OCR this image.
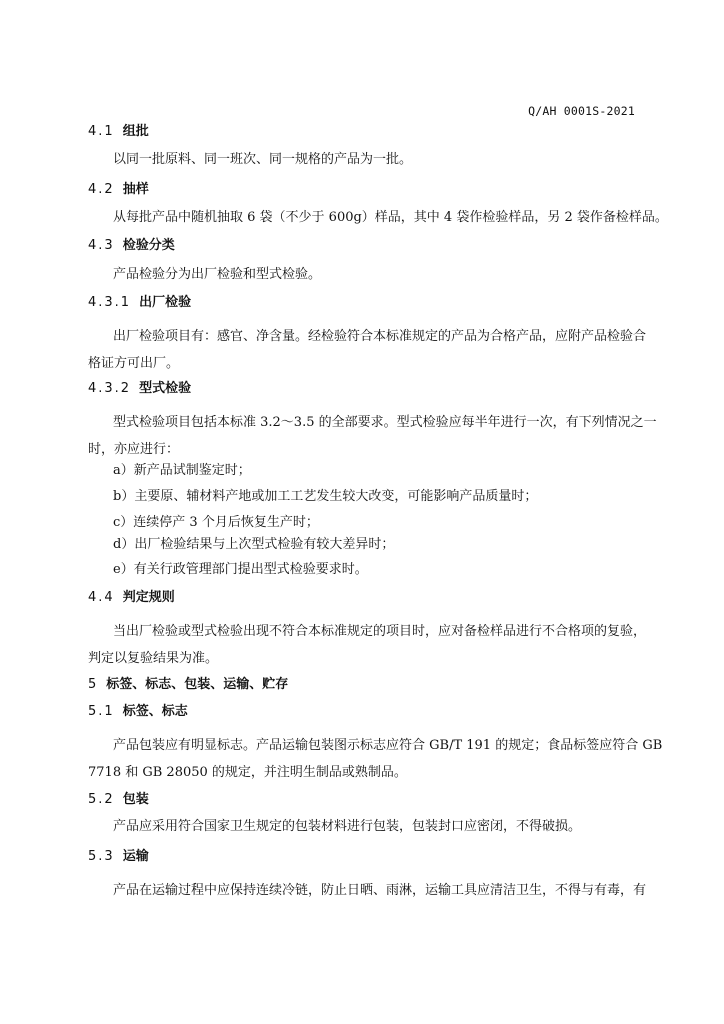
Q/AH 0001S-2021
4.1 组批
以同一批原料、同一班次、同一规格的产品为一批。
4.2 抽样
从每批产品中随机抽取 6 袋（不少于 600g）样品，其中 4 袋作检验样品，另 2 袋作备检样品。
4.3 检验分类
产品检验分为出厂检验和型式检验。
4.3.1 出厂检验
出厂检验项目有：感官、净含量。经检验符合本标准规定的产品为合格产品，应附产品检验合
格证方可出厂。
4.3.2 型式检验
型式检验项目包括本标准 3.2～3.5 的全部要求。型式检验应每半年进行一次，有下列情况之一
时，亦应进行：
a）新产品试制鉴定时；
b）主要原、辅材料产地或加工工艺发生较大改变，可能影响产品质量时；
c）连续停产 3 个月后恢复生产时；
d）出厂检验结果与上次型式检验有较大差异时；
e）有关行政管理部门提出型式检验要求时。
4.4 判定规则
当出厂检验或型式检验出现不符合本标准规定的项目时，应对备检样品进行不合格项的复验，
判定以复验结果为准。
5 标签、标志、包装、运输、贮存
5.1 标签、标志
产品包装应有明显标志。产品运输包装图示标志应符合 GB/T 191 的规定；食品标签应符合 GB
7718 和 GB 28050 的规定，并注明生制品或熟制品。
5.2 包装
产品应采用符合国家卫生规定的包装材料进行包装，包装封口应密闭，不得破损。
5.3 运输
产品在运输过程中应保持连续冷链，防止日晒、雨淋，运输工具应清洁卫生，不得与有毒，有
